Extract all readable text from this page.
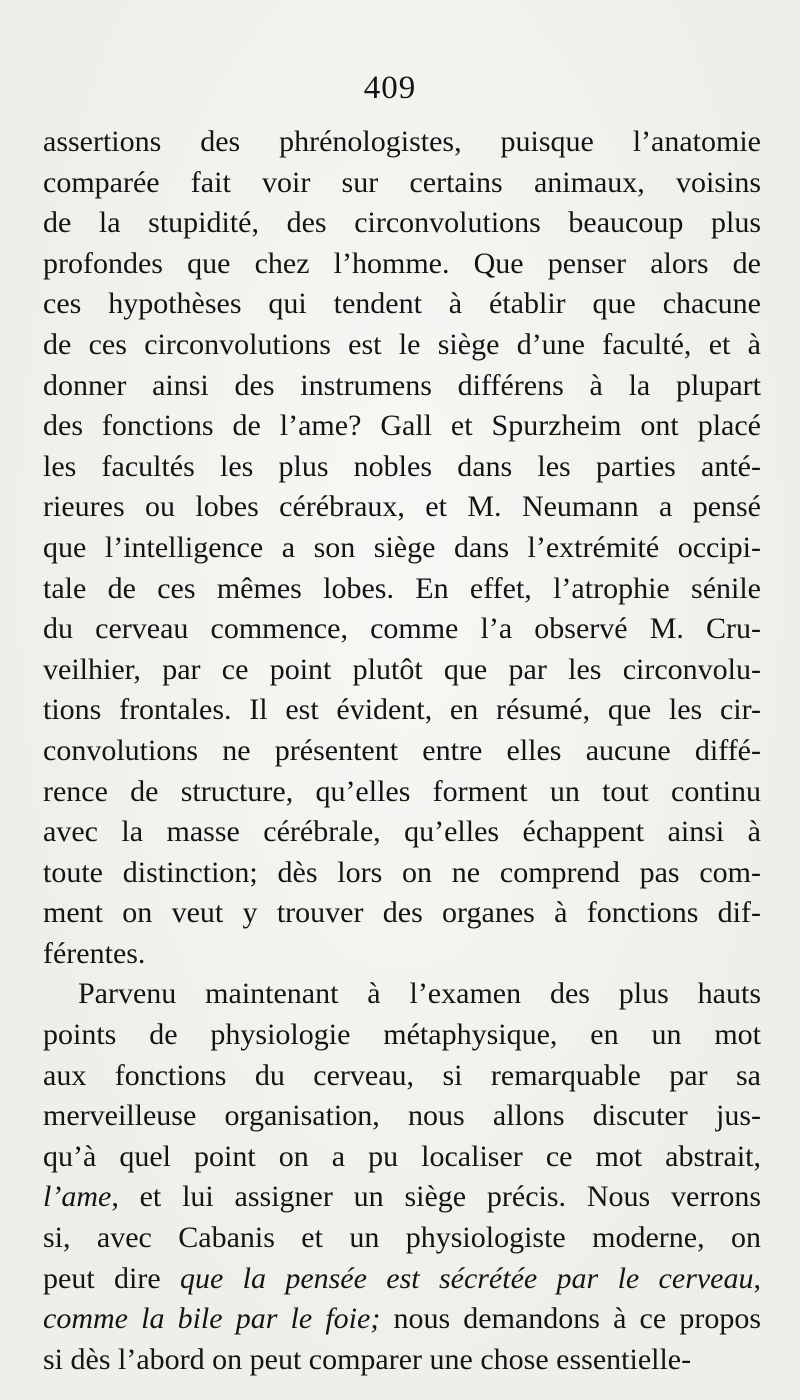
409
assertions des phrénologistes, puisque l’anatomie
comparée fait voir sur certains animaux, voisins
de la stupidité, des circonvolutions beaucoup plus
profondes que chez l’homme. Que penser alors de
ces hypothèses qui tendent à établir que chacune
de ces circonvolutions est le siège d’une faculté, et à
donner ainsi des instrumens différens à la plupart
des fonctions de l’ame? Gall et Spurzheim ont placé
les facultés les plus nobles dans les parties anté-
rieures ou lobes cérébraux, et M. Neumann a pensé
que l’intelligence a son siège dans l’extrémité occipi-
tale de ces mêmes lobes. En effet, l’atrophie sénile
du cerveau commence, comme l’a observé M. Cru-
veilhier, par ce point plutôt que par les circonvolu-
tions frontales. Il est évident, en résumé, que les cir-
convolutions ne présentent entre elles aucune diffé-
rence de structure, qu’elles forment un tout continu
avec la masse cérébrale, qu’elles échappent ainsi à
toute distinction; dès lors on ne comprend pas com-
ment on veut y trouver des organes à fonctions dif-
férentes.
Parvenu maintenant à l’examen des plus hauts
points de physiologie métaphysique, en un mot
aux fonctions du cerveau, si remarquable par sa
merveilleuse organisation, nous allons discuter jus-
qu’à quel point on a pu localiser ce mot abstrait,
l’ame, et lui assigner un siège précis. Nous verrons
si, avec Cabanis et un physiologiste moderne, on
peut dire que la pensée est sécrétée par le cerveau,
comme la bile par le foie; nous demandons à ce propos
si dès l’abord on peut comparer une chose essentielle-
